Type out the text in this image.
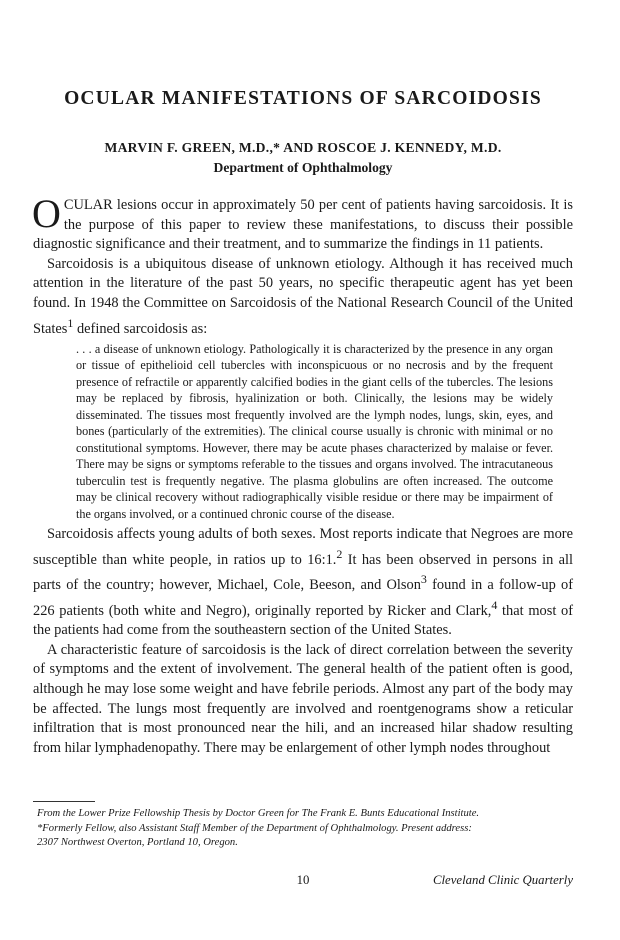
OCULAR MANIFESTATIONS OF SARCOIDOSIS
MARVIN F. GREEN, M.D.,* AND ROSCOE J. KENNEDY, M.D.
Department of Ophthalmology

OCULAR lesions occur in approximately 50 per cent of patients having sarcoidosis. It is the purpose of this paper to review these manifestations, to discuss their possible diagnostic significance and their treatment, and to summarize the findings in 11 patients.

Sarcoidosis is a ubiquitous disease of unknown etiology. Although it has received much attention in the literature of the past 50 years, no specific therapeutic agent has yet been found. In 1948 the Committee on Sarcoidosis of the National Research Council of the United States$^1$ defined sarcoidosis as:

. . . a disease of unknown etiology. Pathologically it is characterized by the presence in any organ or tissue of epithelioid cell tubercles with inconspicuous or no necrosis and by the frequent presence of refractile or apparently calcified bodies in the giant cells of the tubercles. The lesions may be replaced by fibrosis, hyalinization or both. Clinically, the lesions may be widely disseminated. The tissues most frequently involved are the lymph nodes, lungs, skin, eyes, and bones (particularly of the extremities). The clinical course usually is chronic with minimal or no constitutional symptoms. However, there may be acute phases characterized by malaise or fever. There may be signs or symptoms referable to the tissues and organs involved. The intracutaneous tuberculin test is frequently negative. The plasma globulins are often increased. The outcome may be clinical recovery without radiographically visible residue or there may be impairment of the organs involved, or a continued chronic course of the disease.

Sarcoidosis affects young adults of both sexes. Most reports indicate that Negroes are more susceptible than white people, in ratios up to 16:1.$^2$ It has been observed in persons in all parts of the country; however, Michael, Cole, Beeson, and Olson$^3$ found in a follow-up of 226 patients (both white and Negro), originally reported by Ricker and Clark,$^4$ that most of the patients had come from the southeastern section of the United States.

A characteristic feature of sarcoidosis is the lack of direct correlation between the severity of symptoms and the extent of involvement. The general health of the patient often is good, although he may lose some weight and have febrile periods. Almost any part of the body may be affected. The lungs most frequently are involved and roentgenograms show a reticular infiltration that is most pronounced near the hili, and an increased hilar shadow resulting from hilar lymphadenopathy. There may be enlargement of other lymph nodes throughout

From the Lower Prize Fellowship Thesis by Doctor Green for The Frank E. Bunts Educational Institute.
*Formerly Fellow, also Assistant Staff Member of the Department of Ophthalmology. Present address:
2307 Northwest Overton, Portland 10, Oregon.
10	Cleveland Clinic Quarterly
